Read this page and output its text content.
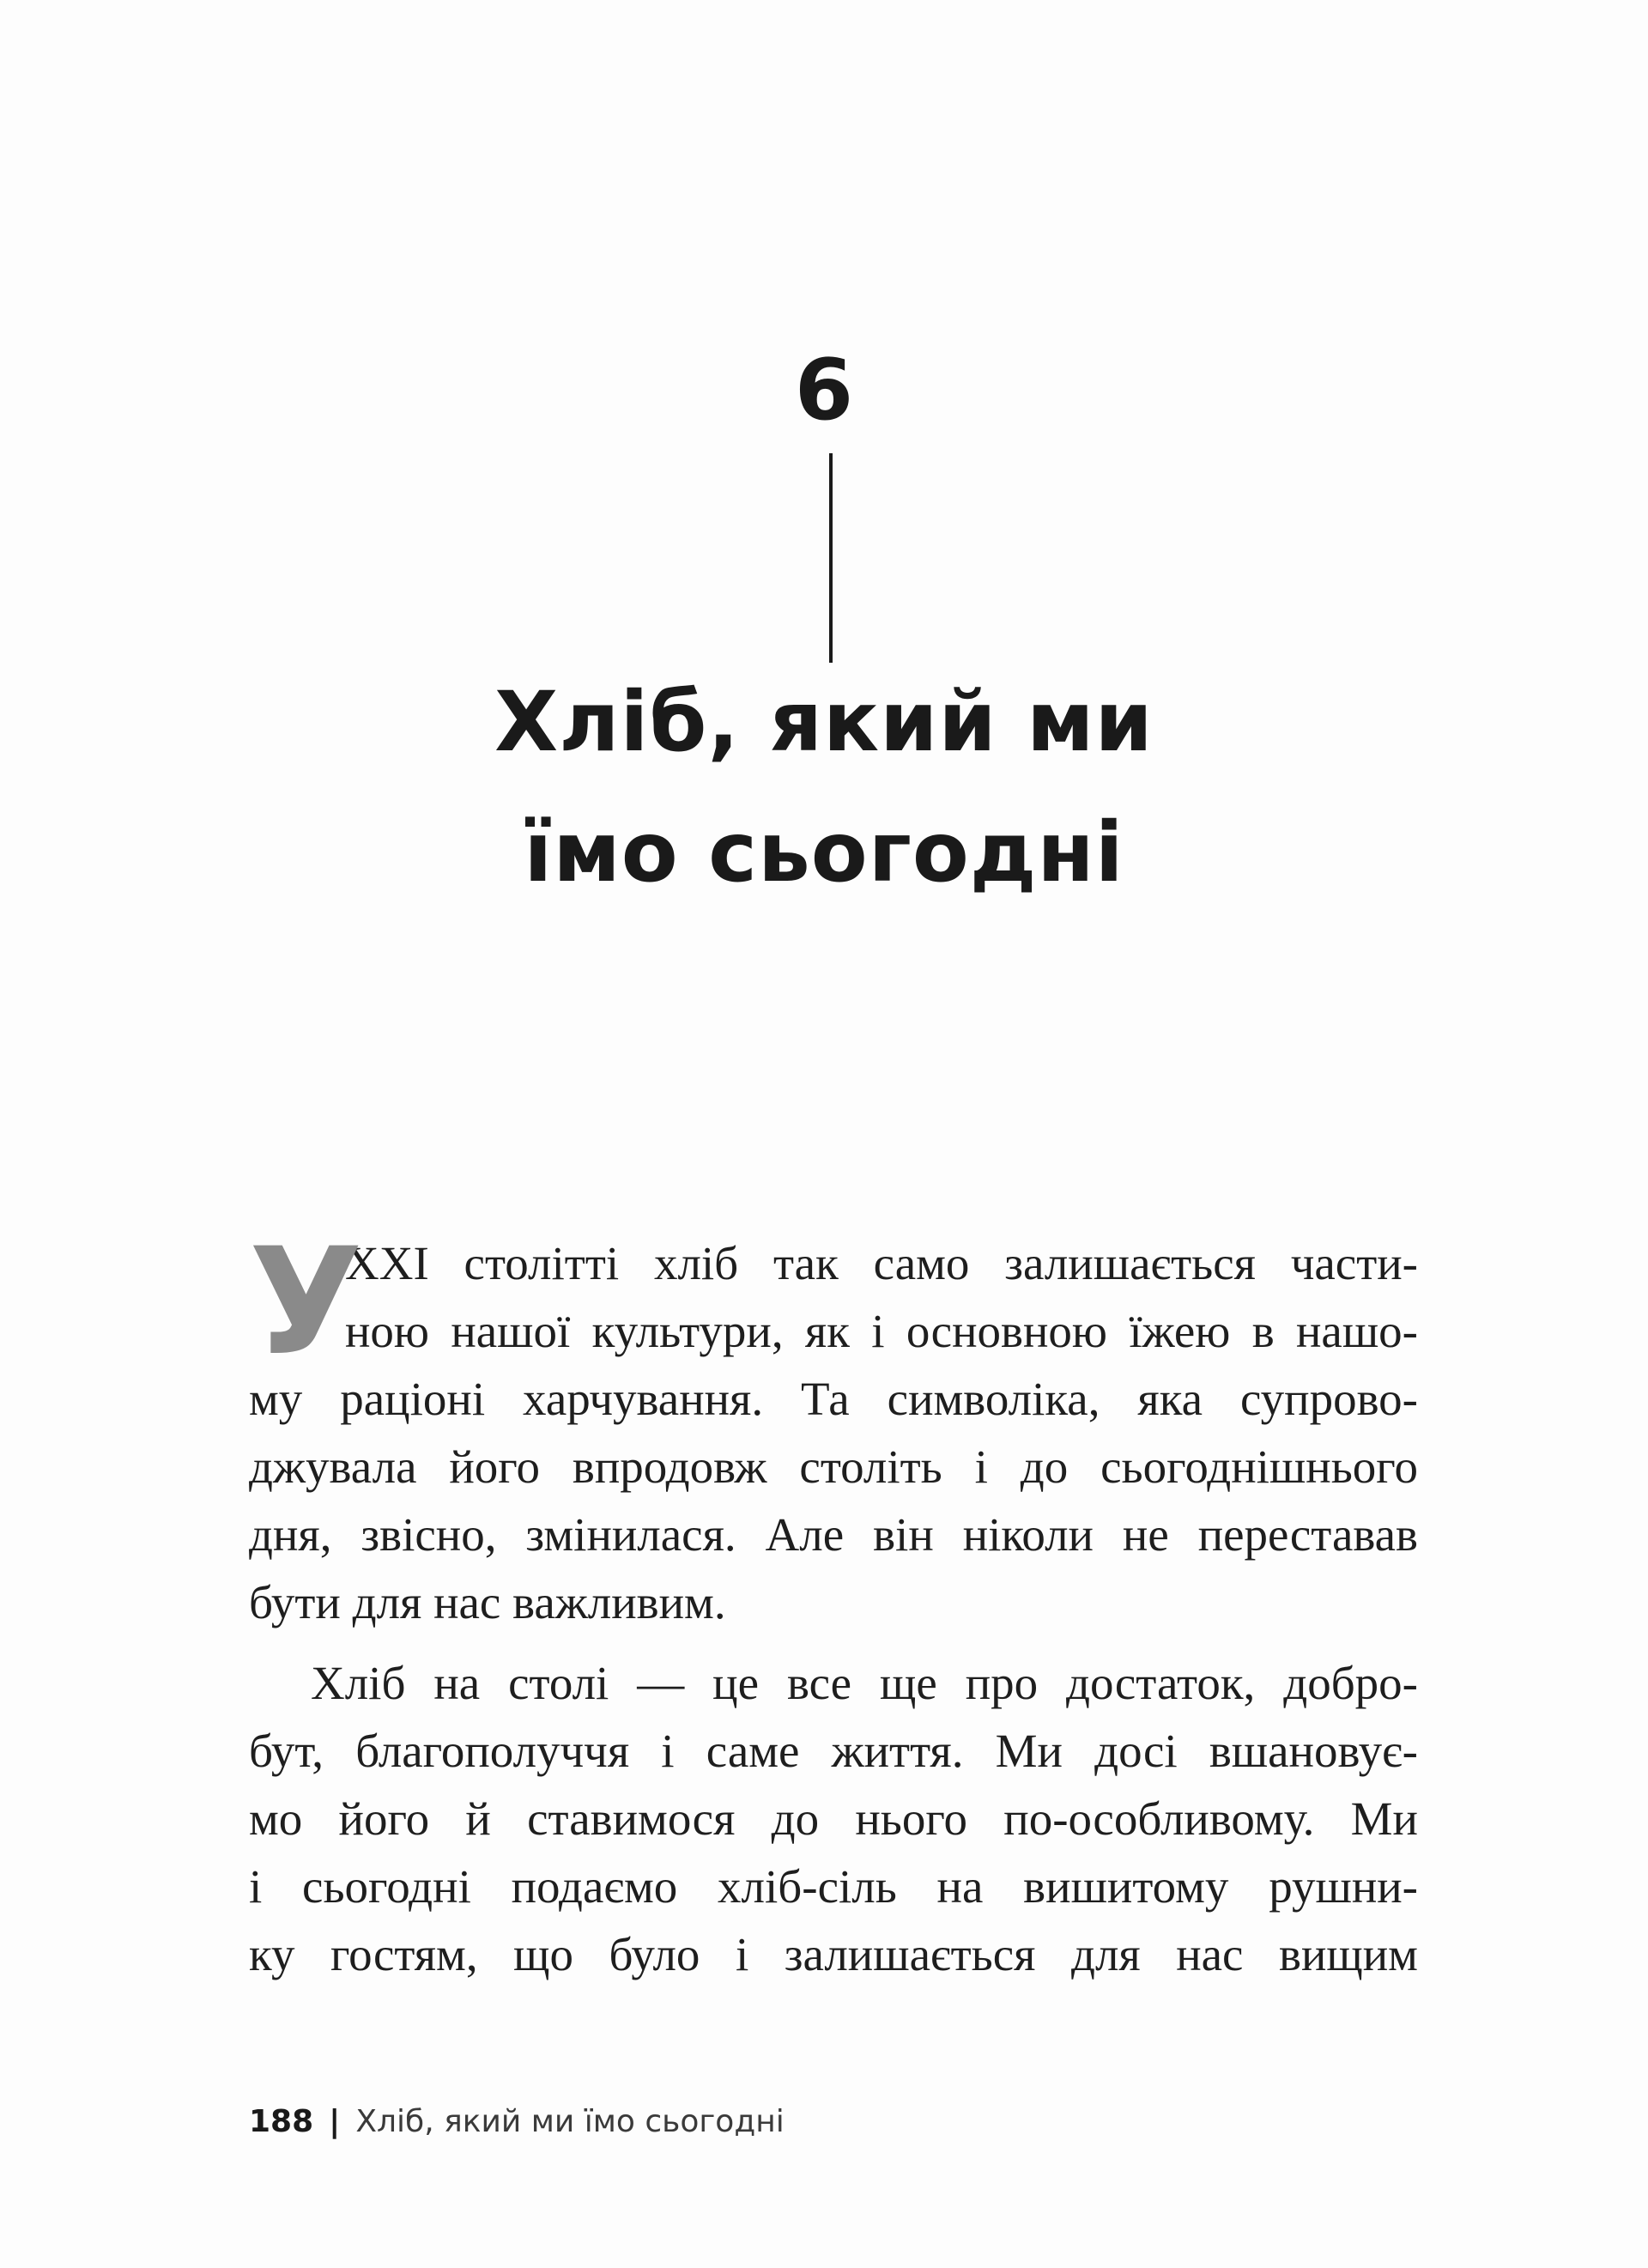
6
Хліб, який ми
їмо сьогодні
У
XXI столітті хліб так само залишається части-
ною нашої культури, як і основною їжею в нашо-
му раціоні харчування. Та символіка, яка супрово-
джувала його впродовж століть і до сьогоднішнього
дня, звісно, змінилася. Але він ніколи не переставав
бути для нас важливим.
Хліб на столі — це все ще про достаток, добро-
бут, благополуччя і саме життя. Ми досі вшановує-
мо його й ставимося до нього по-особливому. Ми
і сьогодні подаємо хліб-сіль на вишитому рушни-
ку гостям, що було і залишається для нас вищим
188 | Хліб, який ми їмо сьогодні
